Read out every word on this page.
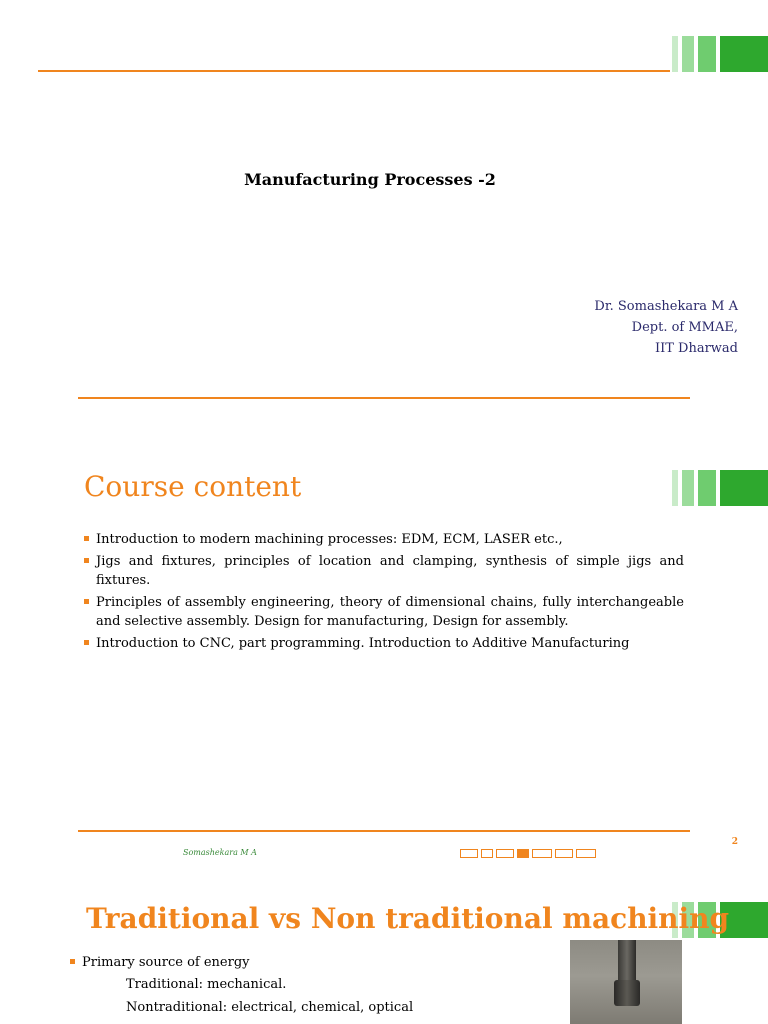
Manufacturing Processes -2
Dr. Somashekara M A
Dept. of MMAE,
IIT Dharwad
Course content
Introduction to modern machining processes: EDM, ECM, LASER etc.,
Jigs and fixtures, principles of location and clamping, synthesis of simple jigs and fixtures.
Principles of assembly engineering, theory of dimensional chains, fully interchangeable and selective assembly. Design for manufacturing, Design for assembly.
Introduction to CNC, part programming. Introduction to Additive Manufacturing
2
Somashekara M A
Traditional vs Non traditional machining
Primary source of energy
Traditional: mechanical.
Nontraditional: electrical, chemical, optical
